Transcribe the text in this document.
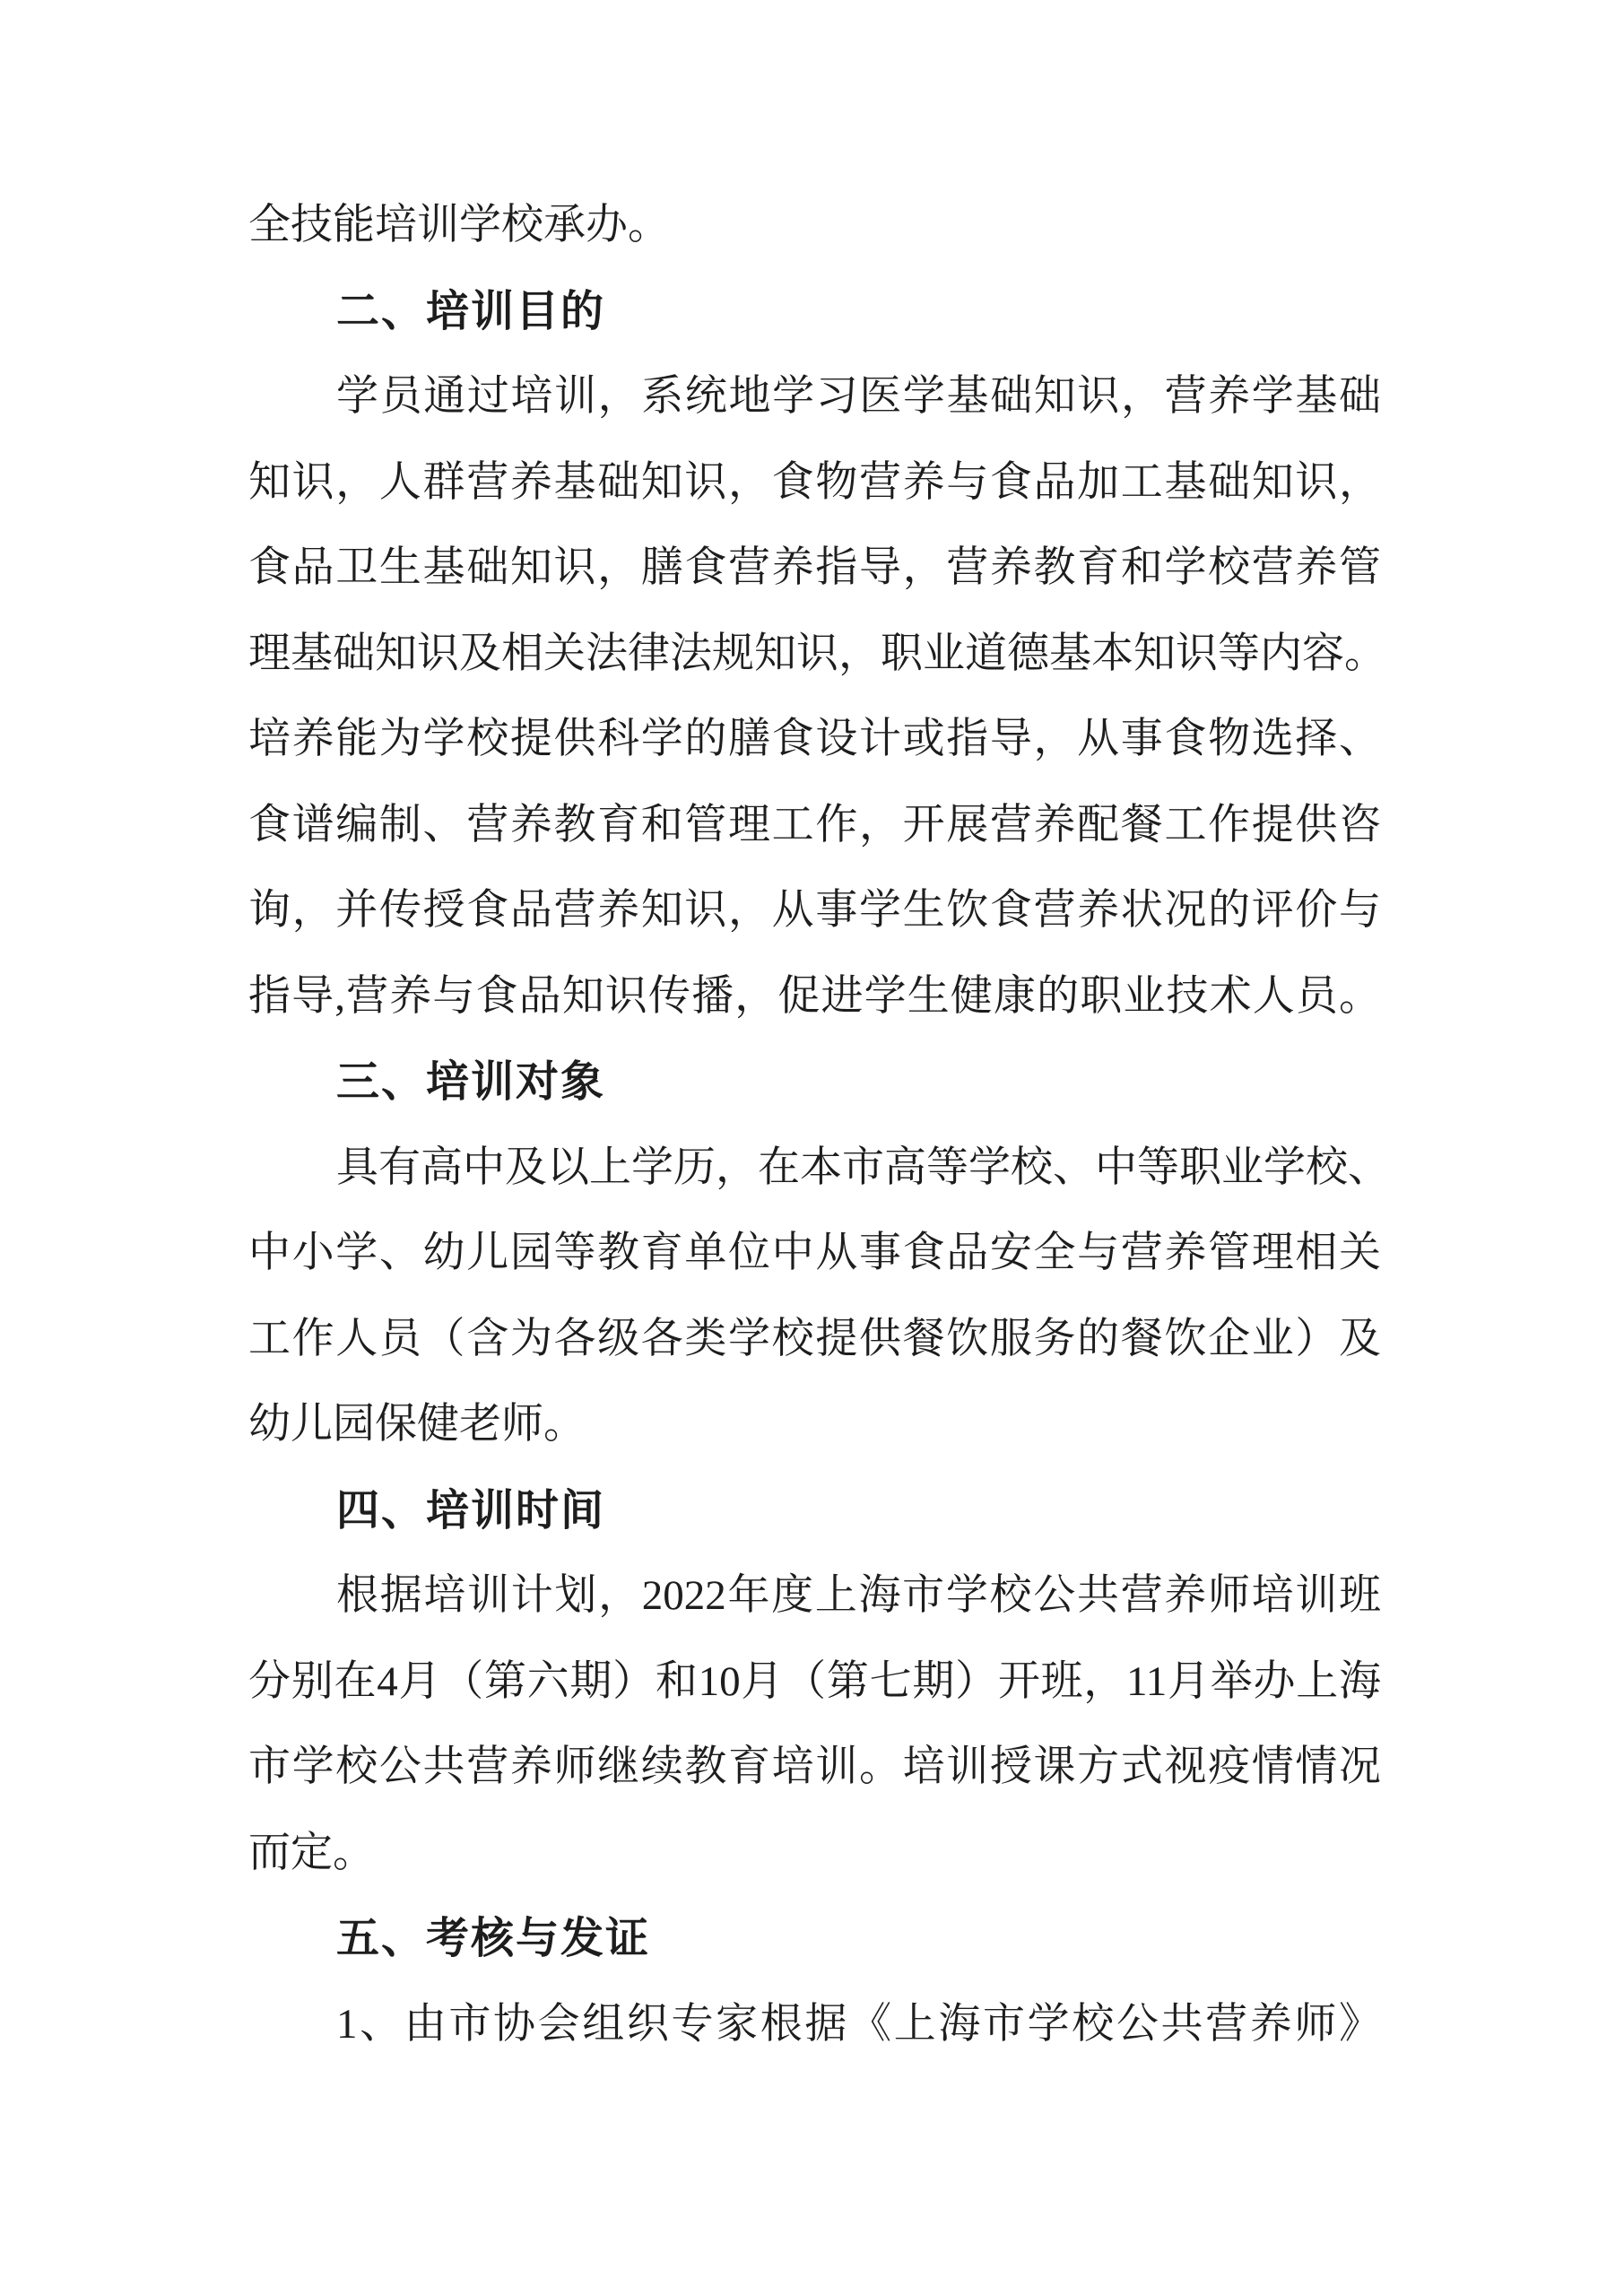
全技能培训学校承办。
二、培训目的
学员通过培训，系统地学习医学基础知识，营养学基础
知识，人群营养基础知识，食物营养与食品加工基础知识，
食品卫生基础知识，膳食营养指导，营养教育和学校营养管
理基础知识及相关法律法规知识，职业道德基本知识等内容。
培养能为学校提供科学的膳食设计或指导，从事食物选择、
食谱编制、营养教育和管理工作，开展营养配餐工作提供咨
询，并传授食品营养知识，从事学生饮食营养状况的评价与
指导,营养与食品知识传播，促进学生健康的职业技术人员。
三、培训对象
具有高中及以上学历，在本市高等学校、中等职业学校、
中小学、幼儿园等教育单位中从事食品安全与营养管理相关
工作人员（含为各级各类学校提供餐饮服务的餐饮企业）及
幼儿园保健老师。
四、培训时间
根据培训计划，2022年度上海市学校公共营养师培训班
分别在4月（第六期）和10月（第七期）开班，11月举办上海
市学校公共营养师继续教育培训。培训授课方式视疫情情况
而定。
五、考核与发证
1、由市协会组织专家根据《上海市学校公共营养师》
